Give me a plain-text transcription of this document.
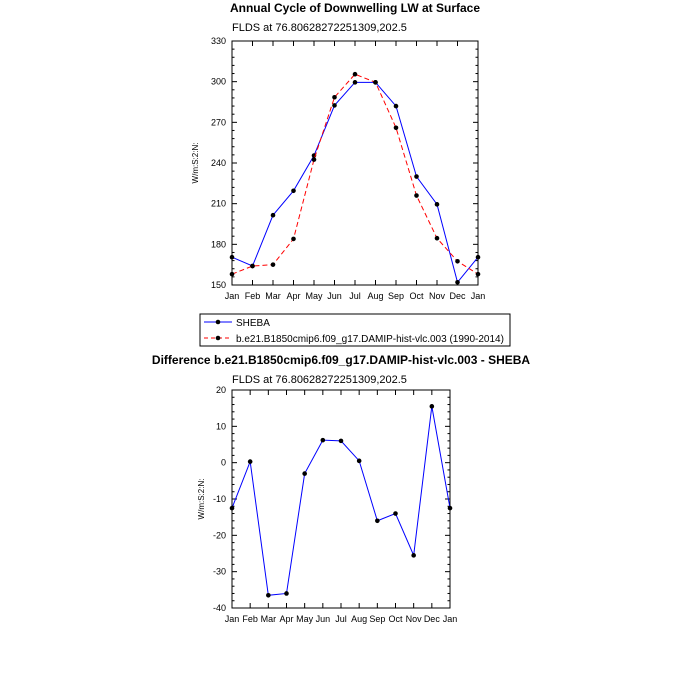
Annual Cycle of Downwelling LW at Surface
FLDS at 76.80628272251309,202.5
W/m:S:2:N:
150
180
210
240
270
300
330
Jan Feb Mar Apr May Jun Jul Aug Sep Oct Nov Dec Jan
SHEBA
b.e21.B1850cmip6.f09_g17.DAMIP-hist-vlc.003 (1990-2014)
Difference b.e21.B1850cmip6.f09_g17.DAMIP-hist-vlc.003 - SHEBA
FLDS at 76.80628272251309,202.5
W/m:S:2:N:
-40
-30
-20
-10
0
10
20
Jan Feb Mar Apr May Jun Jul Aug Sep Oct Nov Dec Jan
